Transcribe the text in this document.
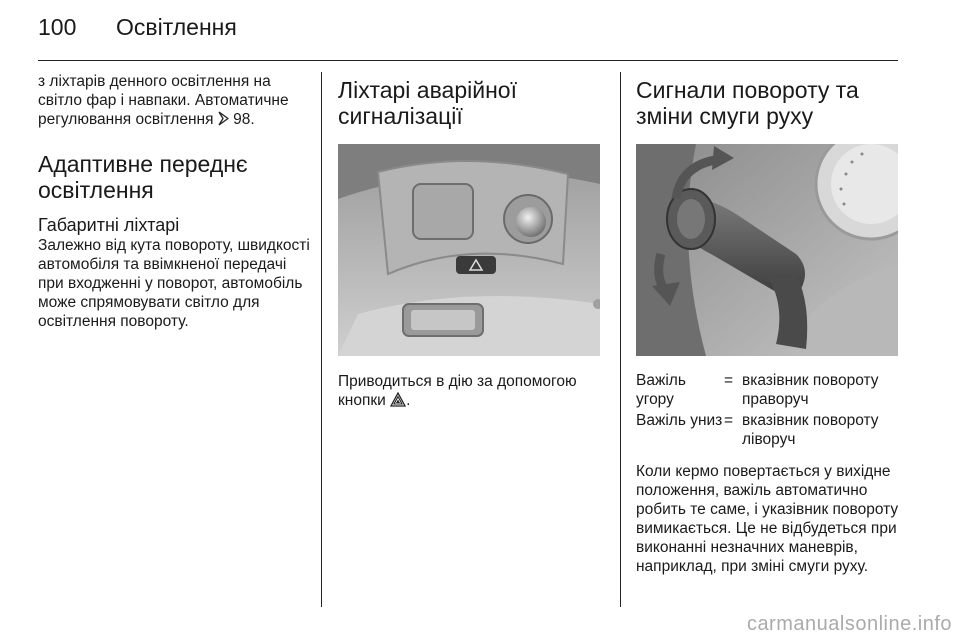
100	Освітлення

з ліхтарів денного освітлення на світло фар і навпаки. Автоматичне регулювання освітлення 98.

Адаптивне переднє освітлення
Габаритні ліхтарі

Залежно від кута повороту, швидкості автомобіля та ввімкненої передачі при входженні у поворот, автомобіль може спрямовувати світло для освітлення повороту.

Ліхтарі аварійної сигналізації

Приводиться в дію за допомогою кнопки .

Сигнали повороту та зміни смуги руху
Важіль угору
= вказівник повороту праворуч
Важіль униз = вказівник повороту ліворуч

Коли кермо повертається у вихідне положення, важіль автоматично робить те саме, і указівник повороту вимикається. Це не відбудеться при виконанні незначних маневрів, наприклад, при зміні смуги руху.

carmanualsonline.info
